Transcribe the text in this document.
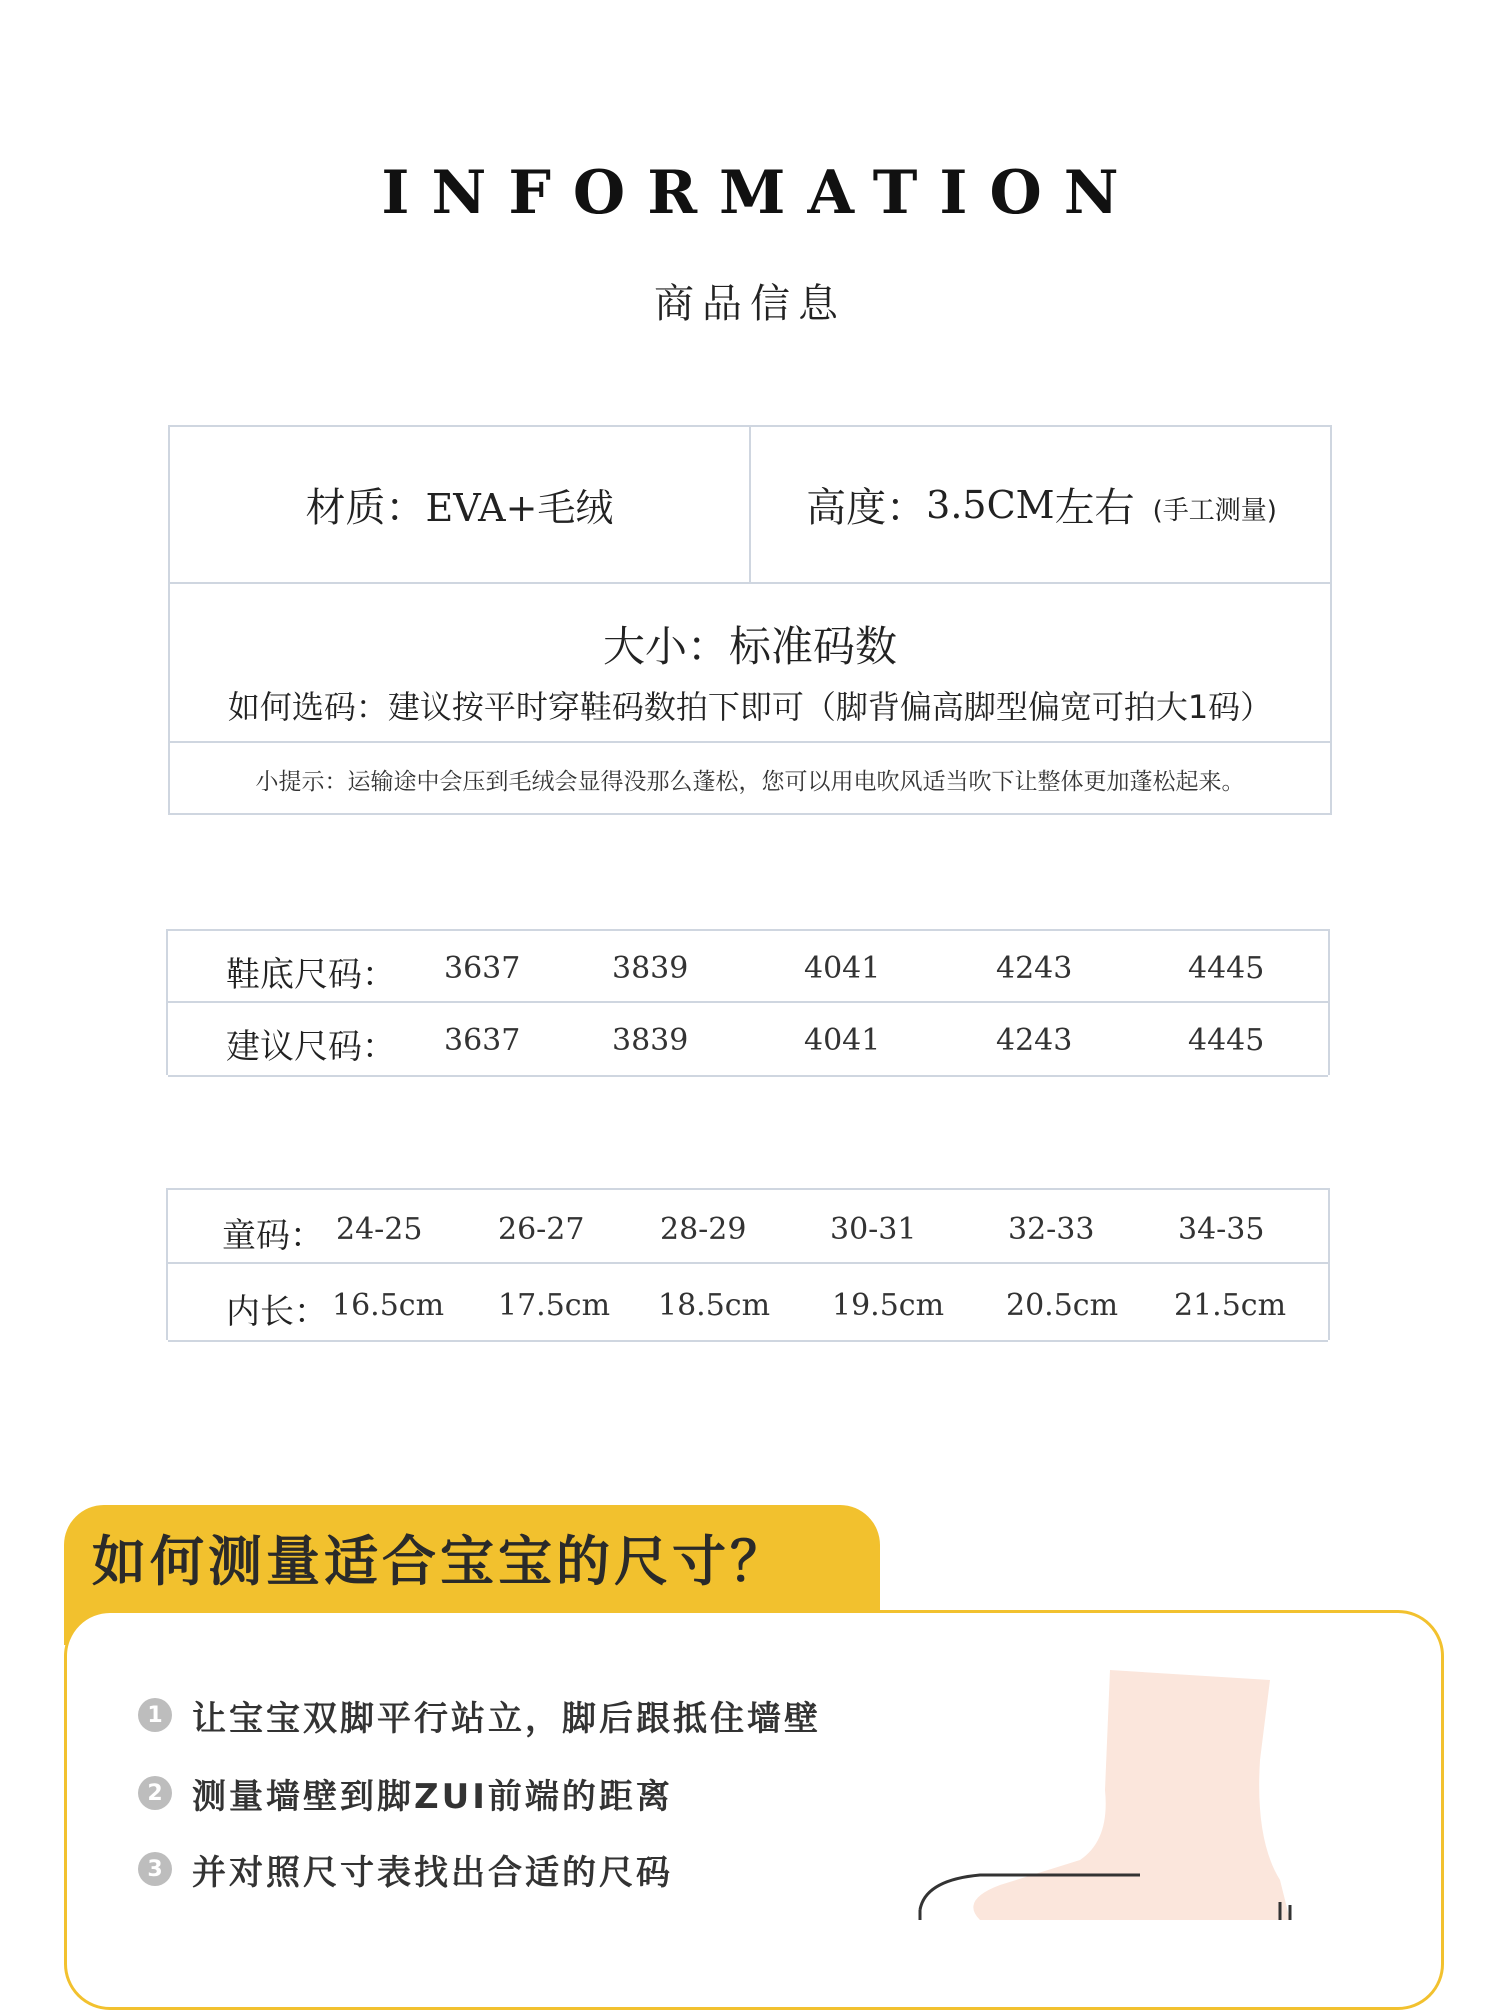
INFORMATION
商品信息
材质： EVA+毛绒	高度： 3.5CM 左右 (手工测量)
大小：标准码数
如何选码：建议按平时穿鞋码数拍下即可（脚背偏高脚型偏宽可拍大1码）
小提示：运输途中会压到毛绒会显得没那么蓬松，您可以用电吹风适当吹下让整体更加蓬松起来。
鞋底尺码： 3637	3839	4041	4243	4445
建议尺码： 3637	3839	4041	4243	4445
童码： 24-25	26-27	28-29	30-31	32-33	34-35
内长： 16.5cm 17.5cm 18.5cm 19.5cm 20.5cm 21.5cm
如何测量适合宝宝的尺寸？
1 让宝宝双脚平行站立，脚后跟抵住墙壁
2 测量墙壁到脚ZUI前端的距离
3 并对照尺寸表找出合适的尺码
